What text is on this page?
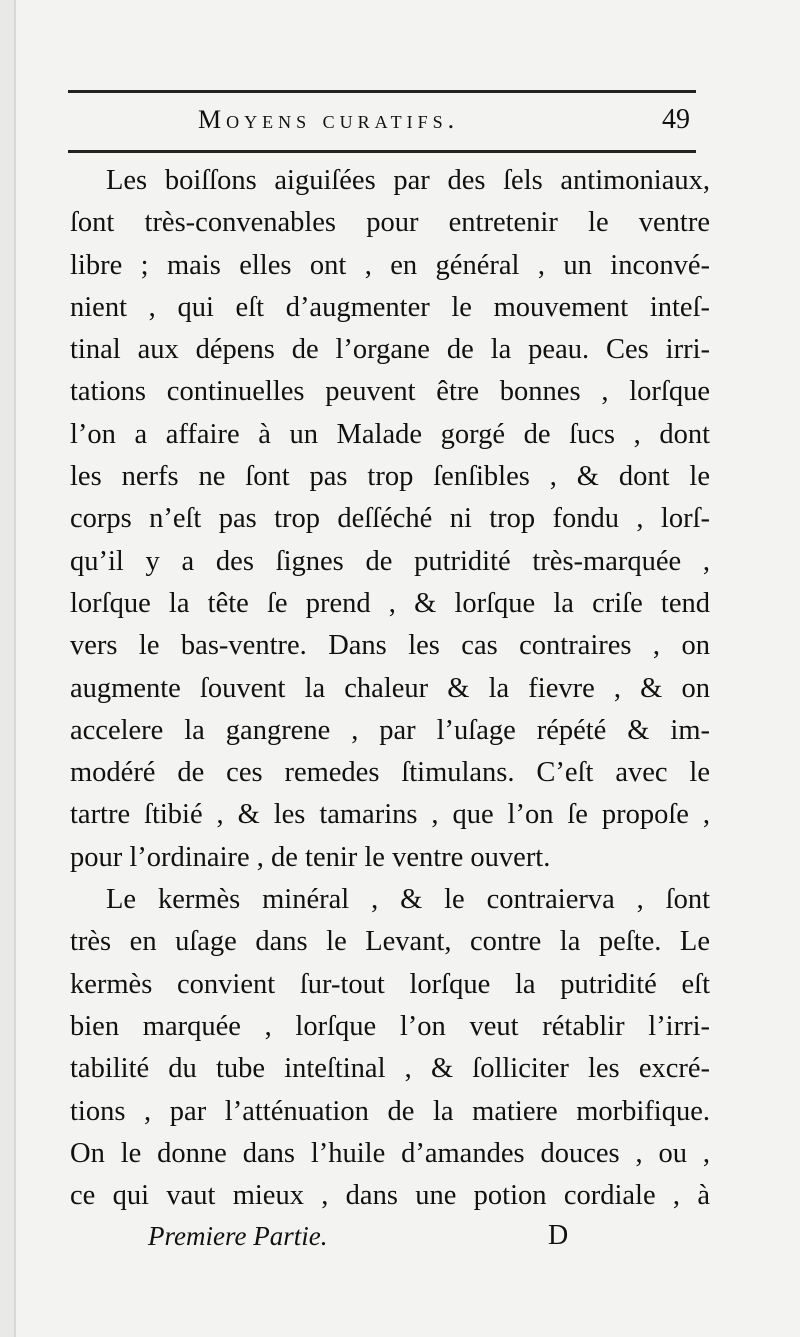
Moyens curatifs.	49
Les boiſſons aiguiſées par des ſels antimoniaux,
ſont très-convenables pour entretenir le ventre
libre ; mais elles ont , en général , un inconvé-
nient , qui eſt d’augmenter le mouvement inteſ-
tinal aux dépens de l’organe de la peau. Ces irri-
tations continuelles peuvent être bonnes , lorſque
l’on a affaire à un Malade gorgé de ſucs , dont
les nerfs ne ſont pas trop ſenſibles , & dont le
corps n’eſt pas trop deſſéché ni trop fondu , lorſ-
qu’il y a des ſignes de putridité très-marquée ,
lorſque la tête ſe prend , & lorſque la criſe tend
vers le bas-ventre. Dans les cas contraires , on
augmente ſouvent la chaleur & la fievre , & on
accelere la gangrene , par l’uſage répété & im-
modéré de ces remedes ſtimulans. C’eſt avec le
tartre ſtibié , & les tamarins , que l’on ſe propoſe ,
pour l’ordinaire , de tenir le ventre ouvert.
Le kermès minéral , & le contraierva , ſont
très en uſage dans le Levant, contre la peſte. Le
kermès convient ſur-tout lorſque la putridité eſt
bien marquée , lorſque l’on veut rétablir l’irri-
tabilité du tube inteſtinal , & ſolliciter les excré-
tions , par l’atténuation de la matiere morbifique.
On le donne dans l’huile d’amandes douces , ou ,
ce qui vaut mieux , dans une potion cordiale , à
Premiere Partie.	D
